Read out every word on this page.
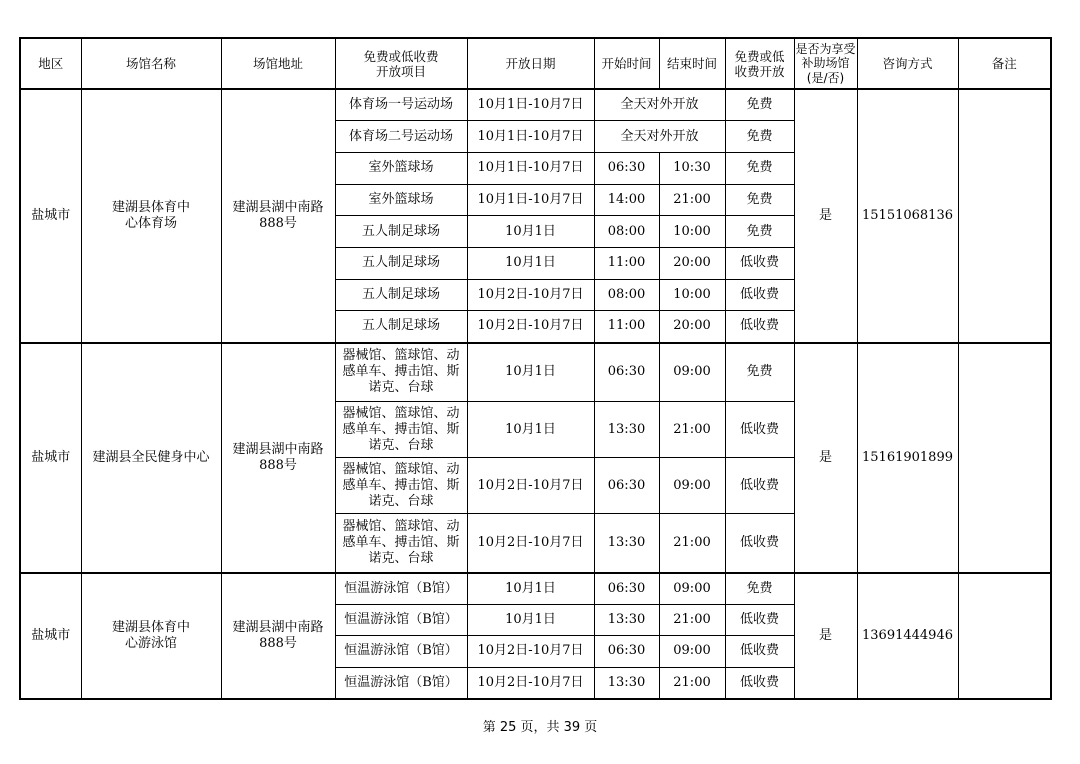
地区	场馆名称	场馆地址	免费或低收费开放项目	开放日期	开始时间	结束时间	免费或低收费开放	是否为享受补助场馆(是/否)	咨询方式	备注
盐城市	建湖县体育中心体育场	建湖县湖中南路888号	体育场一号运动场	10月1日-10月7日	全天对外开放		免费	是	15151068136	
			体育场二号运动场	10月1日-10月7日	全天对外开放		免费			
			室外篮球场	10月1日-10月7日	06:30	10:30	免费			
			室外篮球场	10月1日-10月7日	14:00	21:00	免费			
			五人制足球场	10月1日	08:00	10:00	免费			
			五人制足球场	10月1日	11:00	20:00	低收费			
			五人制足球场	10月2日-10月7日	08:00	10:00	低收费			
			五人制足球场	10月2日-10月7日	11:00	20:00	低收费			
盐城市	建湖县全民健身中心	建湖县湖中南路888号	器械馆、篮球馆、动感单车、搏击馆、斯诺克、台球	10月1日	06:30	09:00	免费	是	15161901899	
			器械馆、篮球馆、动感单车、搏击馆、斯诺克、台球	10月1日	13:30	21:00	低收费			
			器械馆、篮球馆、动感单车、搏击馆、斯诺克、台球	10月2日-10月7日	06:30	09:00	低收费			
			器械馆、篮球馆、动感单车、搏击馆、斯诺克、台球	10月2日-10月7日	13:30	21:00	低收费			
盐城市	建湖县体育中心游泳馆	建湖县湖中南路888号	恒温游泳馆（B馆）	10月1日	06:30	09:00	免费	是	13691444946	
			恒温游泳馆（B馆）	10月1日	13:30	21:00	低收费			
			恒温游泳馆（B馆）	10月2日-10月7日	06:30	09:00	低收费			
			恒温游泳馆（B馆）	10月2日-10月7日	13:30	21:00	低收费			
第 25 页，共 39 页
